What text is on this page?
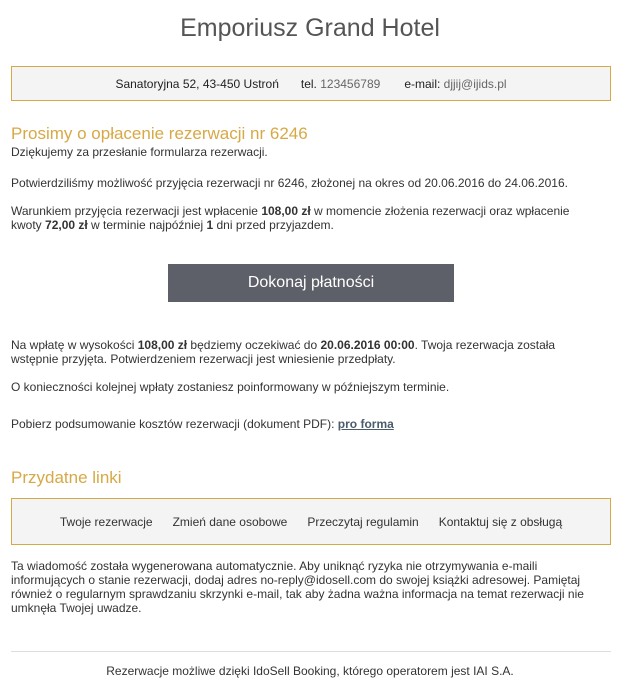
Emporiusz Grand Hotel
Sanatoryjna 52, 43-450 Ustroń tel. 123456789 e-mail: djjij@ijids.pl
Prosimy o opłacenie rezerwacji nr 6246

Dziękujemy za przesłanie formularza rezerwacji.

Potwierdziliśmy możliwość przyjęcia rezerwacji nr 6246, złożonej na okres od 20.06.2016 do 24.06.2016.

Warunkiem przyjęcia rezerwacji jest wpłacenie 108,00 zł w momencie złożenia rezerwacji oraz wpłacenie kwoty 72,00 zł w terminie najpóźniej 1 dni przed przyjazdem.

Dokonaj płatności

Na wpłatę w wysokości 108,00 zł będziemy oczekiwać do 20.06.2016 00:00. Twoja rezerwacja została wstępnie przyjęta. Potwierdzeniem rezerwacji jest wniesienie przedpłaty.

O konieczności kolejnej wpłaty zostaniesz poinformowany w późniejszym terminie.

Pobierz podsumowanie kosztów rezerwacji (dokument PDF): pro forma

Przydatne linki
Twoje rezerwacje Zmień dane osobowe Przeczytaj regulamin Kontaktuj się z obsługą

Ta wiadomość została wygenerowana automatycznie. Aby uniknąć ryzyka nie otrzymywania e-maili informujących o stanie rezerwacji, dodaj adres no-reply@idosell.com do swojej książki adresowej. Pamiętaj również o regularnym sprawdzaniu skrzynki e-mail, tak aby żadna ważna informacja na temat rezerwacji nie umknęła Twojej uwadze.

Rezerwacje możliwe dzięki IdoSell Booking, którego operatorem jest IAI S.A.
